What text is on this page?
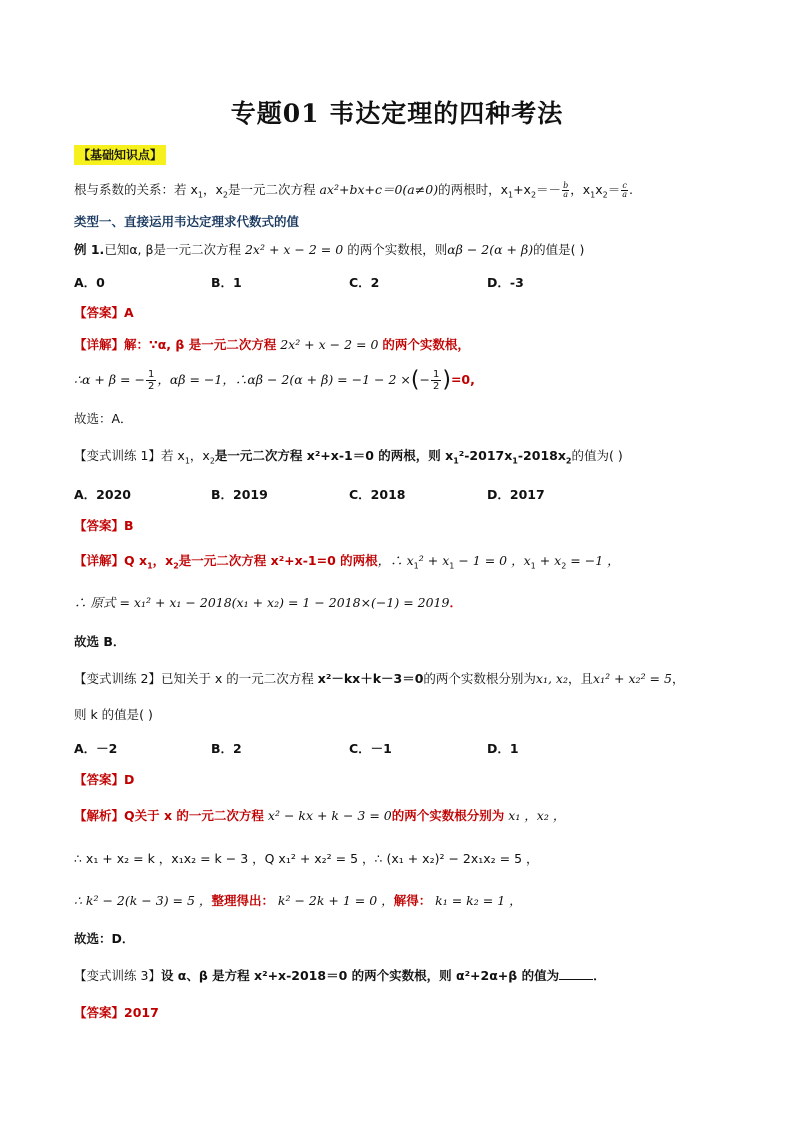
专题01 韦达定理的四种考法
【基础知识点】
根与系数的关系：若 $x_1$，$x_2$是一元二次方程 ax²+bx+c＝0(a≠0)的两根时，$x_1+x_2=- \frac{b}{a}$ ，$x_1x_2= \frac{c}{a}$ .
类型一、直接运用韦达定理求代数式的值
例 1.已知α, β是一元二次方程 2x² + x − 2 = 0 的两个实数根，则αβ − 2(α + β)的值是( )
A．0	B．1	C．2	D．-3
【答案】A
【详解】解：∵α, β 是一元二次方程 2x² + x − 2 = 0 的两个实数根，
∴α + β = − $\frac{1}{2}$ ，αβ = −1，∴αβ − 2(α + β) = −1 − 2 ×(− $\frac{1}{2} )=0$,
故选：A．
【变式训练 1】若 $x_1$，$x_2$是一元二次方程 x²+x-1＝0 的两根，则 $x_1^2-2017x_1-2018x_2$的值为( )
A．2020	B．2019	C．2018	D．2017
【答案】B
【详解】Q $x_1$，$x_2$是一元二次方程 x²+x-1=0 的两根，∴ $x_1^2 + x_1 - 1 = 0$ ，$x_1 + x_2 = -1$ ，
∴ 原式 = x₁² + x₁ − 2018(x₁ + x₂) = 1 − 2018×(−1) = 2019．
故选 B．
【变式训练 2】已知关于 x 的一元二次方程 x²－kx＋k－3＝0的两个实数根分别为x₁, x₂，且x₁² + x₂² = 5，
则 k 的值是( )
A．－2	B．2	C．－1	D．1
【答案】D
【解析】Q关于 x 的一元二次方程 x² − kx + k − 3 = 0的两个实数根分别为 x₁ ，x₂ ，
∴ x₁ + x₂ = k ，x₁x₂ = k − 3 ，Q x₁² + x₂² = 5 ，∴ (x₁ + x₂)² − 2x₁x₂ = 5 ，
∴ k² − 2(k − 3) = 5 ，整理得出： k² − 2k + 1 = 0 ，解得： k₁ = k₂ = 1 ，
故选：D．
【变式训练 3】设 α、β 是方程 x²+x-2018＝0 的两个实数根，则 α²+2α+β 的值为	．
【答案】2017
